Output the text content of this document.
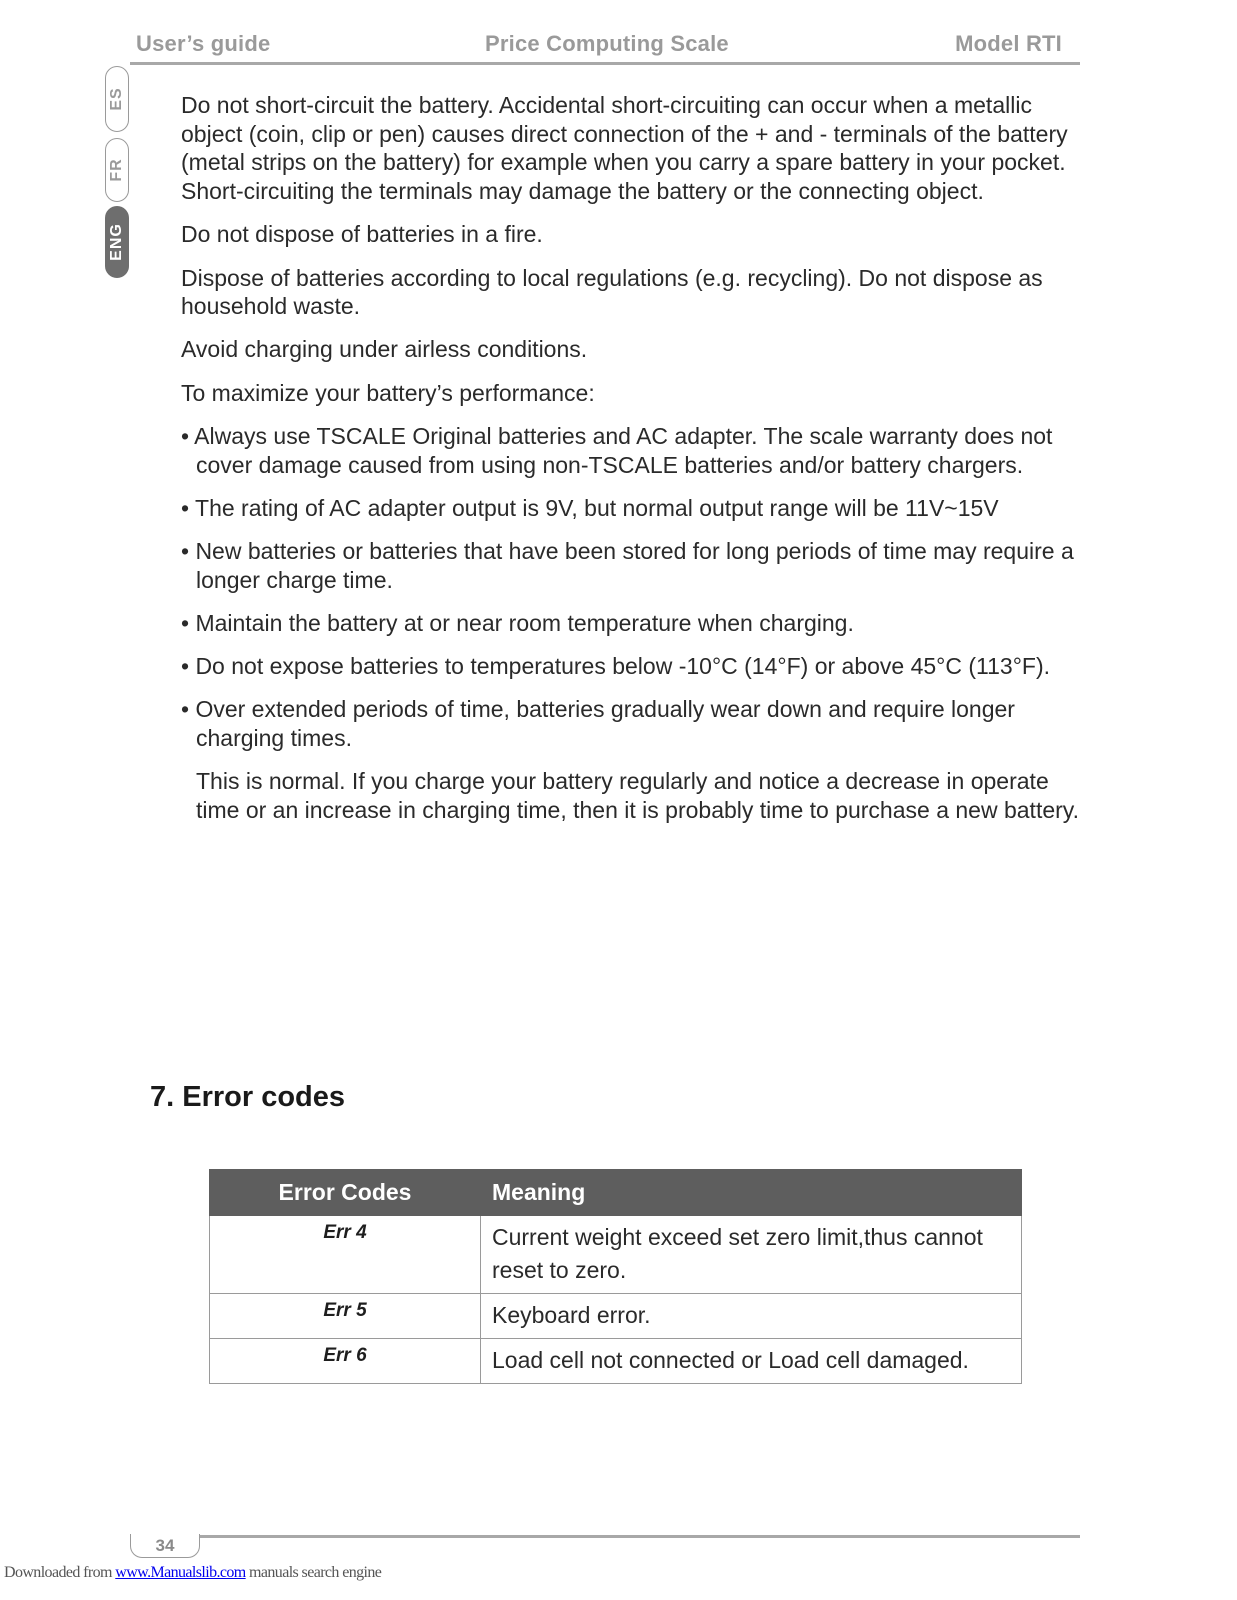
User’s guide	Price Computing Scale	Model RTI
ES
FR
ENG

Do not short-circuit the battery. Accidental short-circuiting can occur when a metallic object (coin, clip or pen) causes direct connection of the + and - terminals of the battery (metal strips on the battery) for example when you carry a spare battery in your pocket. Short-circuiting the terminals may damage the battery or the connecting object.

Do not dispose of batteries in a fire.

Dispose of batteries according to local regulations (e.g. recycling). Do not dispose as household waste.

Avoid charging under airless conditions.

To maximize your battery’s performance:

• Always use TSCALE Original batteries and AC adapter. The scale warranty does not cover damage caused from using non-TSCALE batteries and/or battery chargers.
• The rating of AC adapter output is 9V, but normal output range will be 11V~15V
• New batteries or batteries that have been stored for long periods of time may require a longer charge time.
• Maintain the battery at or near room temperature when charging.
• Do not expose batteries to temperatures below -10°C (14°F) or above 45°C (113°F).
• Over extended periods of time, batteries gradually wear down and require longer charging times.

This is normal. If you charge your battery regularly and notice a decrease in operate time or an increase in charging time, then it is probably time to purchase a new battery.

7. Error codes
Error Codes	Meaning
Err 4	Current weight exceed set zero limit,thus cannot reset to zero.
Err 5	Keyboard error.
Err 6	Load cell not connected or Load cell damaged.
34
Downloaded from www.Manualslib.com manuals search engine
